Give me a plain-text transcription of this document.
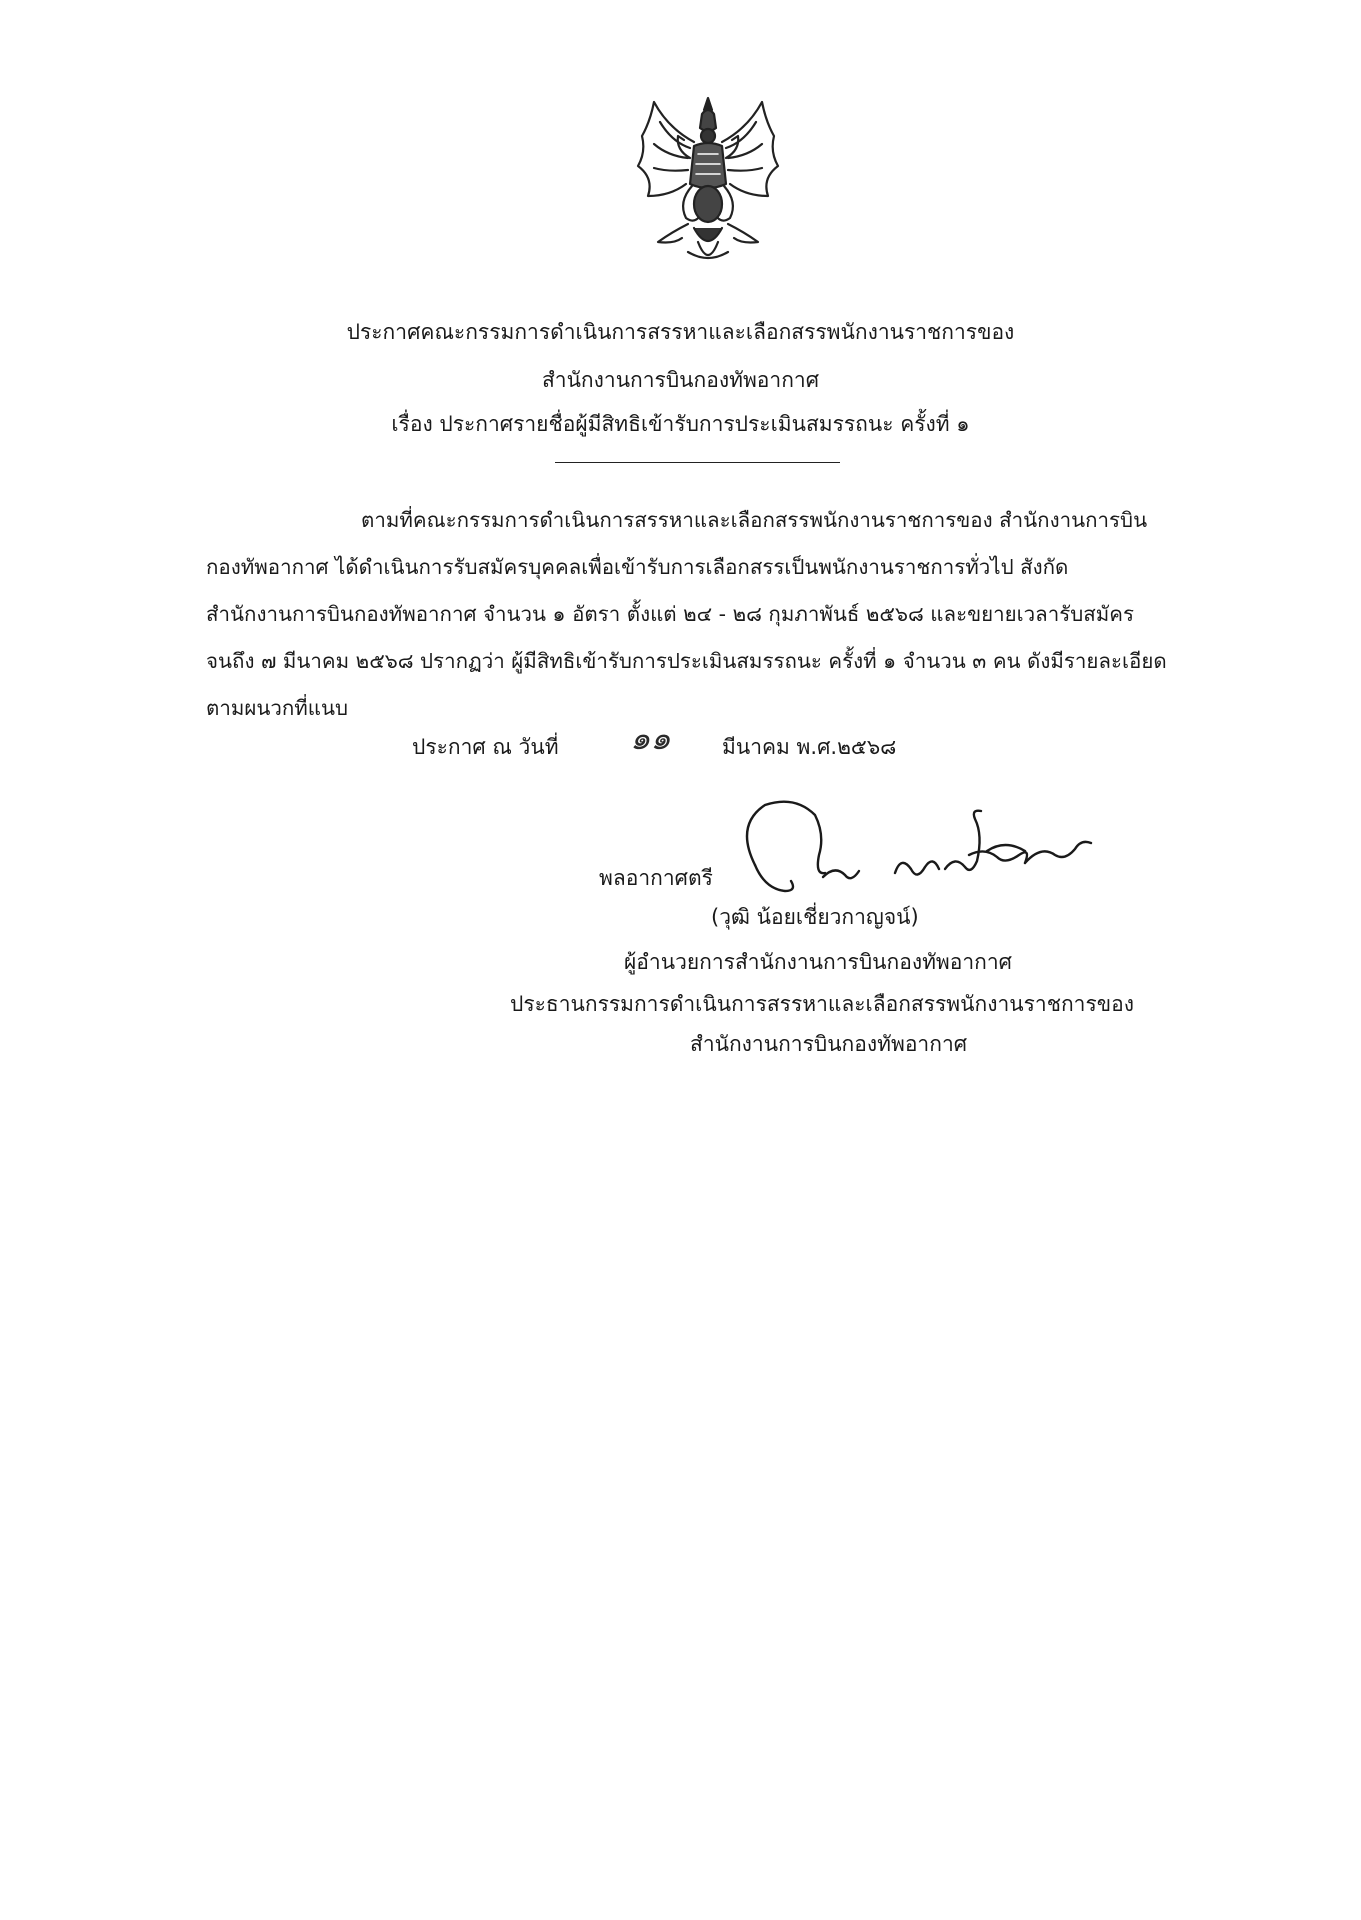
ประกาศคณะกรรมการดำเนินการสรรหาและเลือกสรรพนักงานราชการของ
สำนักงานการบินกองทัพอากาศ
เรื่อง ประกาศรายชื่อผู้มีสิทธิเข้ารับการประเมินสมรรถนะ ครั้งที่ ๑
ตามที่คณะกรรมการดำเนินการสรรหาและเลือกสรรพนักงานราชการของ สำนักงานการบิน
กองทัพอากาศ ได้ดำเนินการรับสมัครบุคคลเพื่อเข้ารับการเลือกสรรเป็นพนักงานราชการทั่วไป สังกัด
สำนักงานการบินกองทัพอากาศ จำนวน ๑ อัตรา ตั้งแต่ ๒๔ - ๒๘ กุมภาพันธ์ ๒๕๖๘ และขยายเวลารับสมัคร
จนถึง ๗ มีนาคม ๒๕๖๘ ปรากฏว่า ผู้มีสิทธิเข้ารับการประเมินสมรรถนะ ครั้งที่ ๑ จำนวน ๓ คน ดังมีรายละเอียด
ตามผนวกที่แนบ
ประกาศ ณ วันที่ ๑๑ มีนาคม พ.ศ.๒๕๖๘
พลอากาศตรี
(วุฒิ น้อยเชี่ยวกาญจน์)
ผู้อำนวยการสำนักงานการบินกองทัพอากาศ
ประธานกรรมการดำเนินการสรรหาและเลือกสรรพนักงานราชการของ
สำนักงานการบินกองทัพอากาศ
